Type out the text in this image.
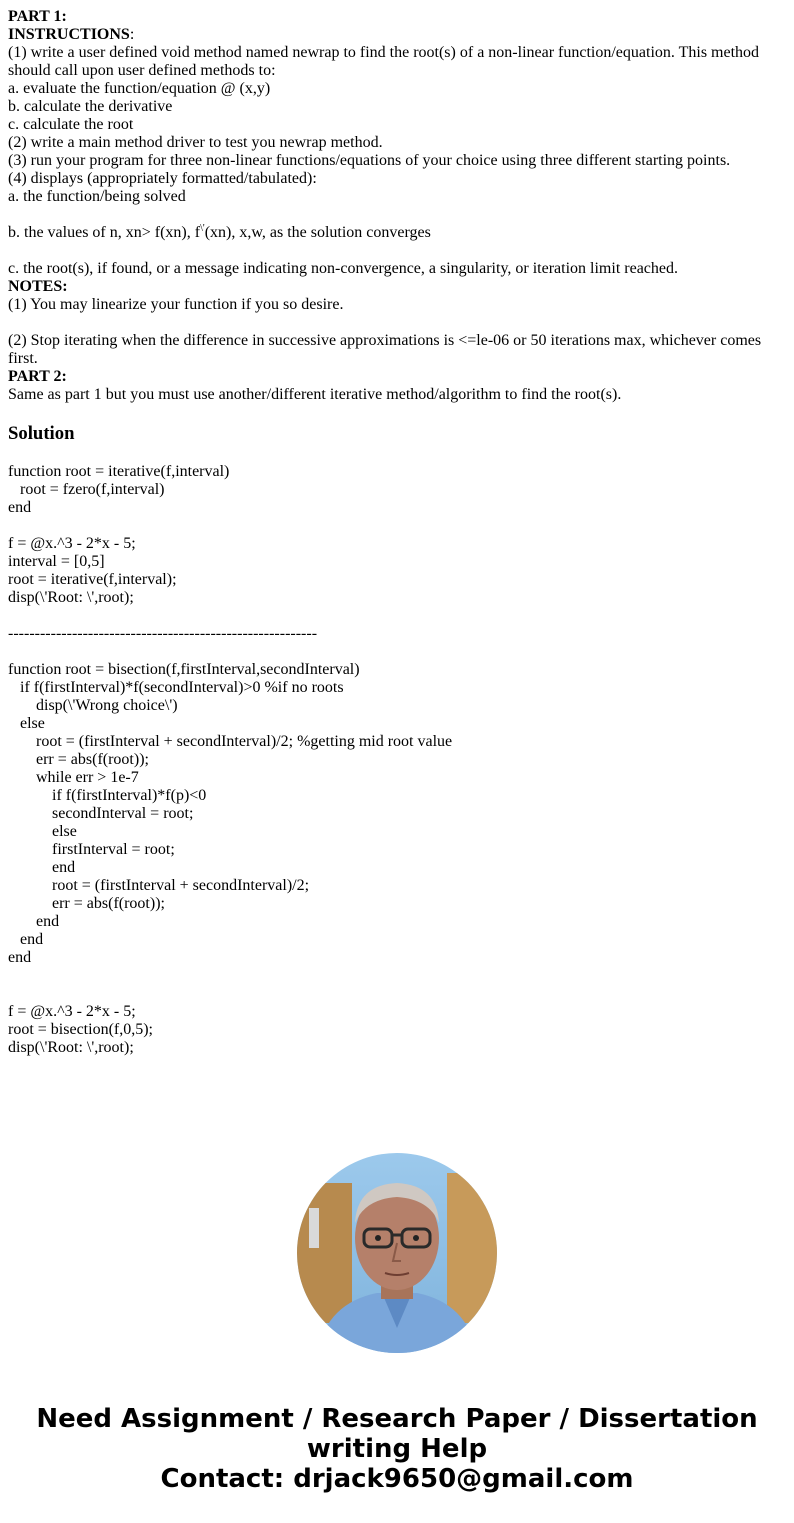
PART 1:
INSTRUCTIONS:
(1) write a user defined void method named newrap to find the root(s) of a non-linear function/equation. This method should call upon user defined methods to:
a. evaluate the function/equation @ (x,y)
b. calculate the derivative
c. calculate the root
(2) write a main method driver to test you newrap method.
(3) run your program for three non-linear functions/equations of your choice using three different starting points.
(4) displays (appropriately formatted/tabulated):
a. the function/being solved
b. the values of n, xn> f(xn), f\'(xn), x,w, as the solution converges
c. the root(s), if found, or a message indicating non-convergence, a singularity, or iteration limit reached.
NOTES:
(1) You may linearize your function if you so desire.
(2) Stop iterating when the difference in successive approximations is <=le-06 or 50 iterations max, whichever comes first.
PART 2:
Same as part 1 but you must use another/different iterative method/algorithm to find the root(s).
Solution
function root = iterative(f,interval)
root = fzero(f,interval)
end
f = @x.^3 - 2*x - 5;
interval = [0,5]
root = iterative(f,interval);
disp(\'Root: \',root);
----------------------------------------------------------
function root = bisection(f,firstInterval,secondInterval)
if f(firstInterval)*f(secondInterval)>0 %if no roots
disp(\'Wrong choice\')
else
root = (firstInterval + secondInterval)/2; %getting mid root value
err = abs(f(root));
while err > 1e-7
if f(firstInterval)*f(p)<0
secondInterval = root;
else
firstInterval = root;
end
root = (firstInterval + secondInterval)/2;
err = abs(f(root));
end
end
end
f = @x.^3 - 2*x - 5;
root = bisection(f,0,5);
disp(\'Root: \',root);
Need Assignment / Research Paper / Dissertation
writing Help
Contact: drjack9650@gmail.com
